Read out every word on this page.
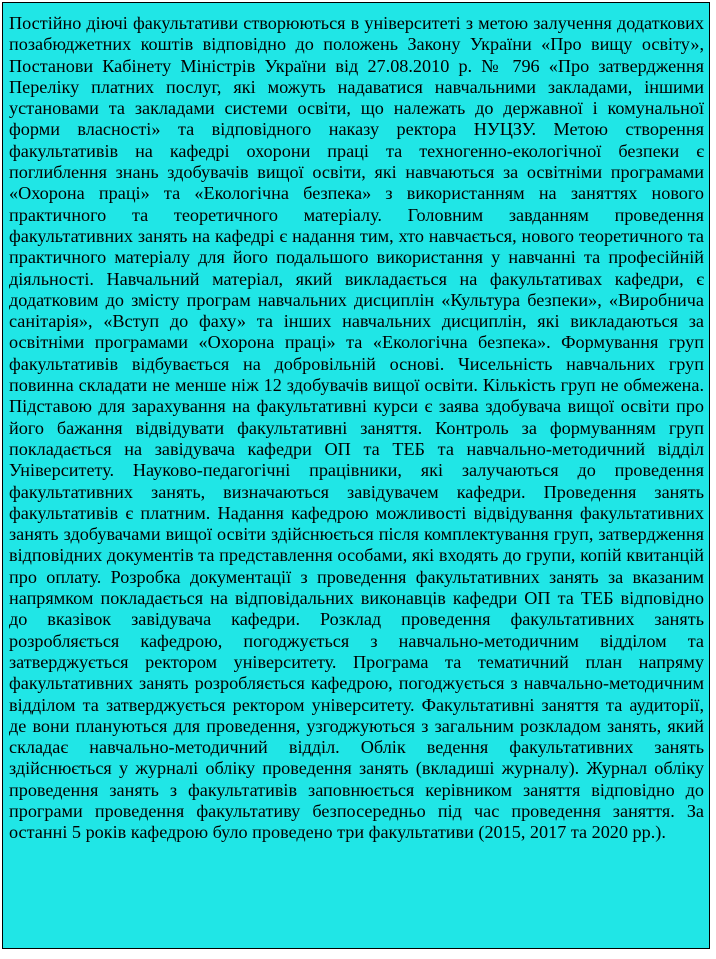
Постійно діючі факультативи створюються в університеті з метою залучення додаткових позабюджетних коштів відповідно до положень Закону України «Про вищу освіту», Постанови Кабінету Міністрів України від 27.08.2010 р. № 796 «Про затвердження Переліку платних послуг, які можуть надаватися навчальними закладами, іншими установами та закладами системи освіти, що належать до державної і комунальної форми власності» та відповідного наказу ректора НУЦЗУ. Метою створення факультативів на кафедрі охорони праці та техногенно-екологічної безпеки є поглиблення знань здобувачів вищої освіти, які навчаються за освітніми програмами «Охорона праці» та «Екологічна безпека» з використанням на заняттях нового практичного та теоретичного матеріалу. Головним завданням проведення факультативних занять на кафедрі є надання тим, хто навчається, нового теоретичного та практичного матеріалу для його подальшого використання у навчанні та професійній діяльності. Навчальний матеріал, який викладається на факультативах кафедри, є додатковим до змісту програм навчальних дисциплін «Культура безпеки», «Виробнича санітарія», «Вступ до фаху» та інших навчальних дисциплін, які викладаються за освітніми програмами «Охорона праці» та «Екологічна безпека». Формування груп факультативів відбувається на добровільній основі. Чисельність навчальних груп повинна складати не менше ніж 12 здобувачів вищої освіти. Кількість груп не обмежена. Підставою для зарахування на факультативні курси є заява здобувача вищої освіти про його бажання відвідувати факультативні заняття. Контроль за формуванням груп покладається на завідувача кафедри ОП та ТЕБ та навчально-методичний відділ Університету. Науково-педагогічні працівники, які залучаються до проведення факультативних занять, визначаються завідувачем кафедри. Проведення занять факультативів є платним. Надання кафедрою можливості відвідування факультативних занять здобувачами вищої освіти здійснюється після комплектування груп, затвердження відповідних документів та представлення особами, які входять до групи, копій квитанцій про оплату. Розробка документації з проведення факультативних занять за вказаним напрямком покладається на відповідальних виконавців кафедри ОП та ТЕБ відповідно до вказівок завідувача кафедри. Розклад проведення факультативних занять розробляється кафедрою, погоджується з навчально-методичним відділом та затверджується ректором університету. Програма та тематичний план напряму факультативних занять розробляється кафедрою, погоджується з навчально-методичним відділом та затверджується ректором університету. Факультативні заняття та аудиторії, де вони плануються для проведення, узгоджуються з загальним розкладом занять, який складає навчально-методичний відділ. Облік ведення факультативних занять здійснюється у журналі обліку проведення занять (вкладиші журналу). Журнал обліку проведення занять з факультативів заповнюється керівником заняття відповідно до програми проведення факультативу безпосередньо під час проведення заняття. За останні 5 років кафедрою було проведено три факультативи (2015, 2017 та 2020 рр.).
